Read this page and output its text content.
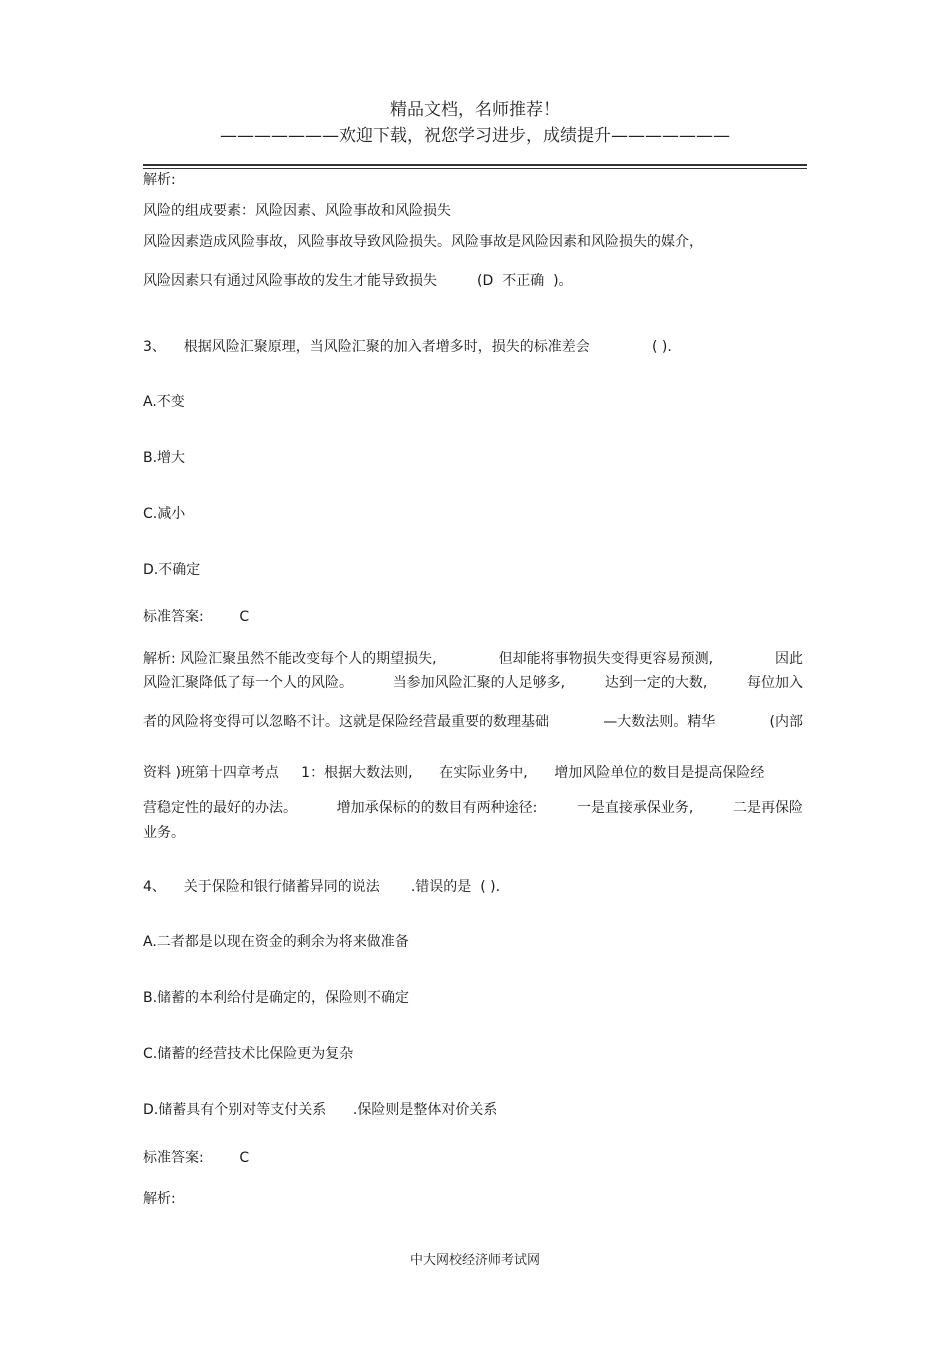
精品文档，名师推荐！
———————欢迎下载，祝您学习进步，成绩提升———————
解析:
风险的组成要素：风险因素、风险事故和风险损失
风险因素造成风险事故，风险事故导致风险损失。风险事故是风险因素和风险损失的媒介，
风险因素只有通过风险事故的发生才能导致损失         (D  不正确  )。
3、    根据风险汇聚原理，当风险汇聚的加入者增多时，损失的标准差会              ( ).
A.不变
B.增大
C.减小
D.不确定
标准答案:        C
解析: 风险汇聚虽然不能改变每个人的期望损失,	但却能将事物损失变得更容易预测,	因此
风险汇聚降低了每一个人的风险。	当参加风险汇聚的人足够多,	达到一定的大数,	每位加入
者的风险将变得可以忽略不计。这就是保险经营最重要的数理基础	—大数法则。精华	(内部
资料 )班第十四章考点     1：根据大数法则,      在实际业务中,      增加风险单位的数目是提高保险经
营稳定性的最好的办法。	增加承保标的的数目有两种途径:	一是直接承保业务,	二是再保险
业务。
4、    关于保险和银行储蓄异同的说法       .错误的是  ( ).
A.二者都是以现在资金的剩余为将来做准备
B.储蓄的本利给付是确定的，保险则不确定
C.储蓄的经营技术比保险更为复杂
D.储蓄具有个别对等支付关系      .保险则是整体对价关系
标准答案:        C
解析:
中大网校经济师考试网
